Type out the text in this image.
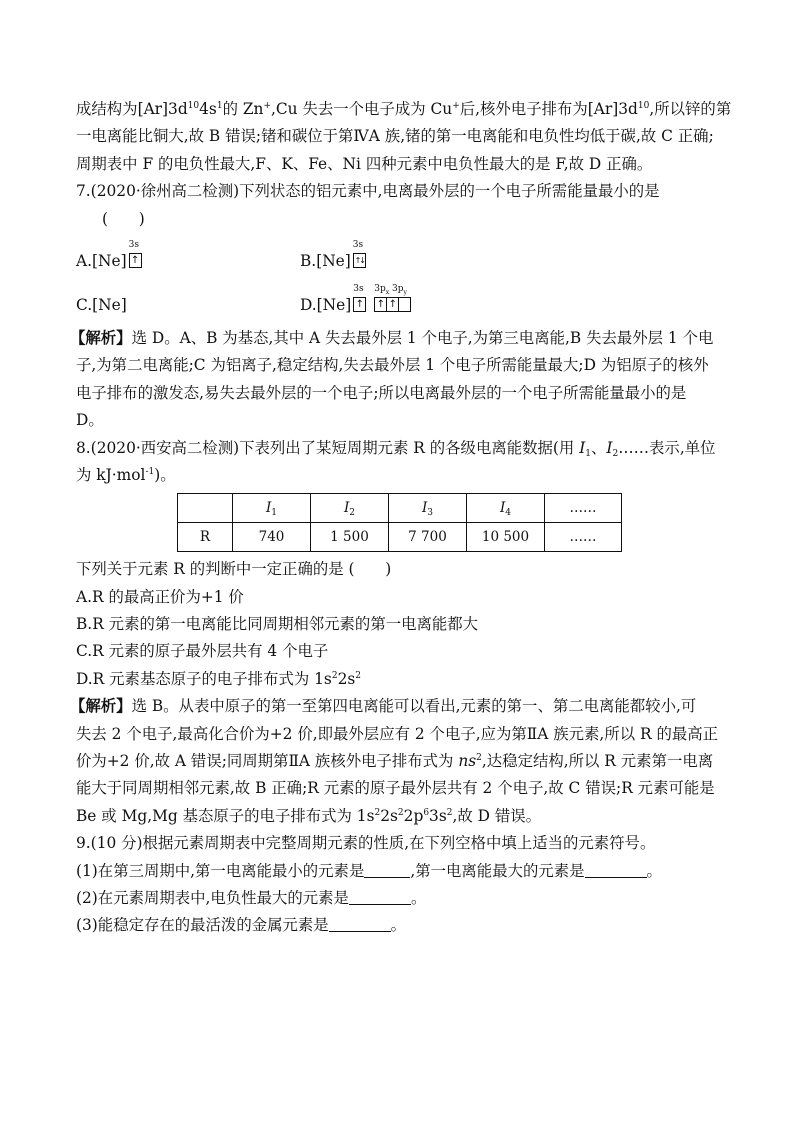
成结构为$[Ar]3d^{10}4s^1$的 Zn+,Cu 失去一个电子成为 Cu+后,核外电子排布为$[Ar]3d^{10}$,所以锌的第
一电离能比铜大,故 B 错误;锗和碳位于第ⅣA 族,锗的第一电离能和电负性均低于碳,故 C 正确;
周期表中 F 的电负性最大,F、K、Fe、Ni 四种元素中电负性最大的是 F,故 D 正确。
7.(2020·徐州高二检测)下列状态的铝元素中,电离最外层的一个电子所需能量最小的是
(　　)
A.[Ne]
3s
↑	B.[Ne]
3s
↑↓
C.[Ne]	D.[Ne]
3s
↑
$3p_x$ $3p_y$
↑ ↑
【解析】选 D。A、B 为基态,其中 A 失去最外层 1 个电子,为第三电离能,B 失去最外层 1 个电
子,为第二电离能;C 为铝离子,稳定结构,失去最外层 1 个电子所需能量最大;D 为铝原子的核外
电子排布的激发态,易失去最外层的一个电子;所以电离最外层的一个电子所需能量最小的是
D。
8.(2020·西安高二检测)下表列出了某短周期元素 R 的各级电离能数据(用 $I_1$、$I_2\dots\dots$表示,单位
为 kJ·mol$^{-1}$)。
	$I_1$	$I_2$	$I_3$	$I_4$	……
R	740	1 500	7 700	10 500	……
下列关于元素 R 的判断中一定正确的是 (　　)
A.R 的最高正价为+1 价
B.R 元素的第一电离能比同周期相邻元素的第一电离能都大
C.R 元素的原子最外层共有 4 个电子
D.R 元素基态原子的电子排布式为 $1s^22s^2$
【解析】选 B。从表中原子的第一至第四电离能可以看出,元素的第一、第二电离能都较小,可
失去 2 个电子,最高化合价为+2 价,即最外层应有 2 个电子,应为第ⅡA 族元素,所以 R 的最高正
价为+2 价,故 A 错误;同周期第ⅡA 族核外电子排布式为 $ns^2$,达稳定结构,所以 R 元素第一电离
能大于同周期相邻元素,故 B 正确;R 元素的原子最外层共有 2 个电子,故 C 错误;R 元素可能是
Be 或 Mg,Mg 基态原子的电子排布式为 $1s^22s^22p^63s^2$,故 D 错误。
9.(10 分)根据元素周期表中完整周期元素的性质,在下列空格中填上适当的元素符号。
(1)在第三周期中,第一电离能最小的元素是	,第一电离能最大的元素是	。
(2)在元素周期表中,电负性最大的元素是	。
(3)能稳定存在的最活泼的金属元素是	。
